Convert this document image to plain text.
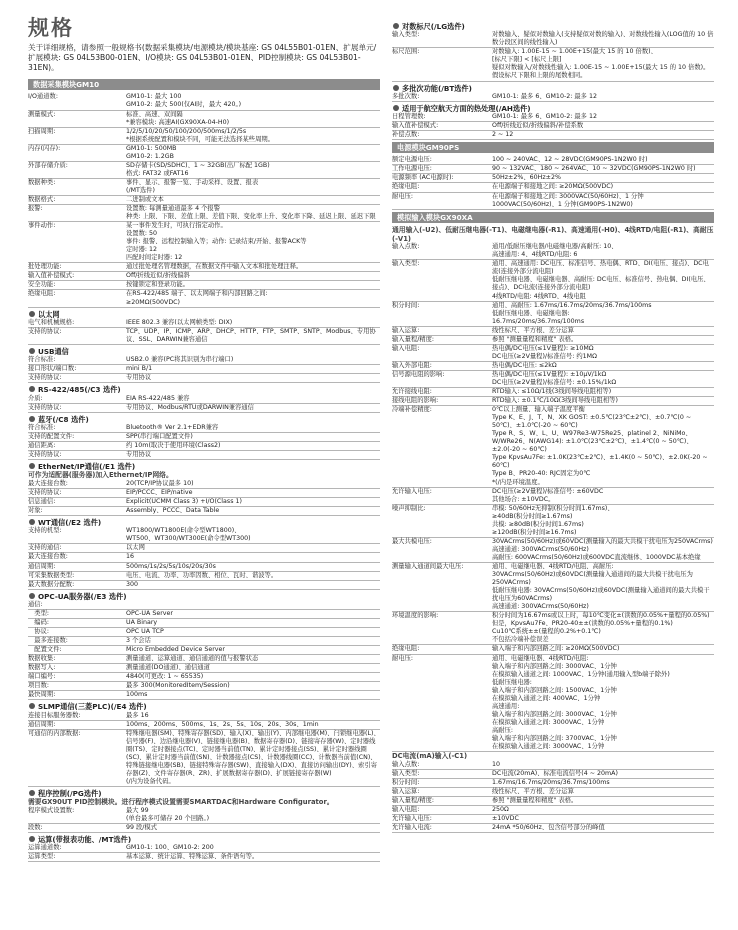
规格
关于详细规格，请参照一般规格书(数据采集模块/电源模块/模块基座: GS 04L55B01-01EN、扩展单元/扩展模块: GS 04L53B00-01EN、I/O模块: GS 04L53B01-01EN、PID控制模块: GS 04L53B01-31EN)。
数据采集模块GM10
I/O通道数:	GM10-1: 最大 100
GM10-2: 最大 500(仅AI时，最大 420。)
测量模式:	标准、高速、双间隔
*兼容模块: 高速AI(GX90XA-04-H0)
扫描周期:	1/2/5/10/20/50/100/200/500ms/1/2/5s
*根据系统配置和模块不同，可能无法选择某些周期。
内存(闪存):	GM10-1: 500MB
GM10-2: 1.2GB
外部存储介质:	SD存储卡(SD/SDHC)、1 ~ 32GB(出厂标配 1GB)
格式: FAT32 或FAT16
数据种类:	事件、显示、报警一览、手动采样、设置、报表
(/MT选件)
数据格式:	二进制或文本
报警:	设置数: 每测量通道最多 4 个报警
种类: 上限、下限、差值上限、差值下限、变化率上升、变化率下降、延迟上限、延迟下限
事件动作:	某一事件发生时，可执行指定动作。
设置数: 50
事件: 报警、远程控制输入等；动作: 记录结束/开始、报警ACK等
定时器: 12
匹配时间定时器: 12
批处理功能:	通过批处理名管理数据，在数据文件中输入文本和批处理注释。
输入值补偿模式:	Off/折线近似/折线偏斜
安全功能:	按键锁定和登录功能。
绝缘电阻:	在RS-422/485 端子、以太网端子和内部回路之间:
≥20MΩ(500VDC)
以太网
电气和机械规格:	IEEE 802.3 兼容(以太网帧类型: DIX)
支持的协议:	TCP、UDP、IP、ICMP、ARP、DHCP、HTTP、FTP、SMTP、SNTP、Modbus、专用协议、SSL、DARWIN兼容通信
USB通信
符合标准:	USB2.0 兼容(PC将其识别为串行端口)
接口形状/端口数:	mini B/1
支持的协议:	专用协议
RS-422/485(/C3 选件)
介质:	EIA RS-422/485 兼容
支持的协议:	专用协议、Modbus/RTU或DARWIN兼容通信
蓝牙(/C8 选件)
符合标准:	Bluetooth® Ver 2.1+EDR兼容
支持的配置文件:	SPP(串行端口配置文件)
通信距离:	约 10m(取决于使用环境(Class2)
支持的协议:	专用协议
EtherNet/IP通信(/E1 选件)
可作为适配器(服务器)加入Ethernet/IP网络。
最大连接台数:	20(TCP/IP协议最多 10)
支持的协议:	EIP/PCCC、EIP/native
信息通信:	Explicit(UCMM Class 3) +I/O(Class 1)
对象:	Assembly、PCCC、Data Table
WT通信(/E2 选件)
支持的机型:	WT1800/WT1800E(命令型WT1800)、
WT500、WT300/WT300E(命令型WT300)
支持的通信:	以太网
最大连接台数:	16
通信周期:	500ms/1s/2s/5s/10s/20s/30s
可采集数据类型:	电压、电流、功率、功率因数、相位、瓦时、谐波等。
最大数据分配数:	300
OPC-UA服务器(/E3 选件)
通信:
　类型:	OPC-UA Server
　编码:	UA Binary
　协议:	OPC UA TCP
　最多连接数:	3 个会话
　配置文件:	Micro Embedded Device Server
数据收集:	测量通道、运算通道、通信通道的值与报警状态
数据写入:	测量通道(DO通道)、通信通道
端口编号:	4840(可更改: 1 ~ 65535)
项目数:	最多 300(MonitoredItem/Session)
最快周期:	100ms
SLMP通信(三菱PLC)(/E4 选件)
连接目标服务器数:	最多 16
通信周期:	100ms、200ms、500ms、1s、2s、5s、10s、20s、30s、1min
可通信的内部数据:	特殊继电器(SM)、特殊寄存器(SD)、输入(X)、输出(Y)、内部继电器(M)、闩锁继电器(L)、信号器(F)、边沿继电器(V)、链接继电器(B)、数据寄存器(D)、链接寄存器(W)、定时器线圈(TS)、定时器接点(TC)、定时器当前值(TN)、累计定时器接点(SS)、累计定时器线圈(SC)、累计定时器当前值(SN)、计数器接点(CS)、计数器线圈(CC)、计数器当前值(CN)、特殊链接继电器(SB)、链接特殊寄存器(SW)、直接输入(DX)、直接访问输出(DY)、索引寄存器(Z)、文件寄存器(R、ZR)、扩展数据寄存器(D)、扩展链接寄存器(W)
(/内为设备代码。
程序控制(/PG选件)
需要GX90UT PID控制模块。进行程序模式设置需要SMARTDAC和Hardware Configurator。
程序模式设置数:	最大 99
(单台最多可储存 20 个回路。)
段数:	99 段/模式
运算(带报表功能、/MT选件)
运算通道数:	GM10-1: 100、GM10-2: 200
运算类型:	基本运算、统计运算、特殊运算、条件语句等。
对数标尺(/LG选件)
输入类型:	对数输入、疑似对数输入(支持疑似对数的输入)、对数线性输入(LOG值的 10 倍数分段区间的线性输入)
标尺范围:	对数输入: 1.00E-15 ~ 1.00E+15(最大 15 的 10 倍数)、
[标尺下限] < [标尺上限]
疑似对数输入/对数线性输入: 1.00E-15 ~ 1.00E+15(最大 15 的 10 倍数)。假设标尺下限和上限的尾数相同。
多批次功能(/BT选件)
多批次数:	GM10-1: 最多 6、GM10-2: 最多 12
适用于航空航天方面的热处理(/AH选件)
日程管理数:	GM10-1: 最多 6、GM10-2: 最多 12
输入值补偿模式:	Off/折线近似/折线偏斜/补偿系数
补偿点数:	2 ~ 12
电源模块GM90PS
额定电源电压:	100 ~ 240VAC、12 ~ 28VDC(GM90PS-1N2W0 时)
工作电源电压:	90 ~ 132VAC、180 ~ 264VAC、10 ~ 32VDC(GM90PS-1N2W0 时)
电源频率 (AC电源时):	50Hz±2%、60Hz±2%
绝缘电阻:	在电源端子和接地之间: ≥20MΩ(500VDC)
耐电压:	在电源端子和接地之间: 3000VAC(50/60Hz)、1 分钟
1000VAC(50/60Hz)、1 分钟(GM90PS-1N2W0)
模拟输入模块GX90XA
通用输入(-U2)、低耐压继电器(-T1)、电磁继电器(-R1)、高速通用(-H0)、4线RTD/电阻(-R1)、高耐压(-V1)
输入点数:	通用/低耐压继电器/电磁继电器/高耐压: 10、
高速通用: 4、4线RTD/电阻: 6
输入类型:	通用、高速通用: DC电压、标准信号、热电偶、RTD、DI(电压、接点)、DC电流(连接外部分流电阻)
低耐压继电器、电磁继电器、高耐压: DC电压、标准信号、热电偶、DI(电压、接点)、DC电流(连接外部分流电阻)
4线RTD/电阻: 4线RTD、4线电阻
积分时间:	通用、高耐压: 1.67ms/16.7ms/20ms/36.7ms/100ms
低耐压继电器、电磁继电器:
16.7ms/20ms/36.7ms/100ms
输入运算:	线性标尺、平方根、差分运算
输入量程/精度:	参照 "测量量程和精度" 表格。
输入电阻:	热电偶/DC电压(≤1V量程): ≥10MΩ
DC电压(≥2V量程)/标准信号: 约1MΩ
输入外部电阻:	热电偶/DC电压: ≤2kΩ
信号源电阻的影响:	热电偶/DC电压(≤1V量程): ±10μV/1kΩ
DC电压(≥2V量程)/标准信号: ±0.15%/1kΩ
允许接线电阻:	RTD输入: ≤10Ω/1线(3线间导线电阻相等)
接线电阻的影响:	RTD输入: ±0.1℃/10Ω(3线间导线电阻相等)
冷端补偿精度:	0℃以上测量、输入端子温度平衡
Type K、E、J、T、N、XK GOST: ±0.5℃(23℃±2℃)、±0.7℃(0 ~ 50℃)、±1.0℃(-20 ~ 60℃)
Type R、S、W、L、U、W97Re3-W75Re25、platinel 2、NiNiMo、W/WRe26、N(AWG14): ±1.0℃(23℃±2℃)、±1.4℃(0 ~ 50℃)、±2.0(-20 ~ 60℃)
Type KpvsAu7Fe: ±1.0K(23℃±2℃)、±1.4K(0 ~ 50℃)、±2.0K(-20 ~ 60℃)
Type B、PR20-40: RJC固定为0℃
*(/内是环境温度。
允许输入电压:	DC电压(≥2V量程)/标准信号: ±60VDC
其他场合: ±10VDC。
噪声抑制比:	串模: 50/60Hz无抑制(积分时间1.67ms)、
≥40dB(积分时间≥1.67ms)
共模: ≥80dB(积分时间1.67ms)
≥120dB(积分时间≥16.7ms)
最大共模电压:	30VACrms(50/60Hz)或60VDC(测量输入的最大共模干扰电压为250VACrms)
高速通道: 300VACrms(50/60Hz)
高耐压: 600VACrms(50/60Hz)或600VDC直流继体、1000VDC基本绝缘
测量输入通道间最大电压:	通用、电磁继电器、4线RTD/电阻、高耐压:
30VACrms(50/60Hz)或60VDC(测量输入通道间的最大共模干扰电压为250VACrms)
低耐压继电器: 30VACrms(50/60Hz)或60VDC(测量输入通道间的最大共模干扰电压为60VACrms)
高速通道: 300VACrms(50/60Hz)
环境温度的影响:	积分时间为16.67ms或以上时，每10℃变化±(读数的0.05%+量程的0.05%)
但是，KpvsAu7Fe、PR20-40±±(读数的0.05%+量程的0.1%)
Cu10℃系统±±(量程的0.2%+0.1℃)
不包括冷端补偿误差
绝缘电阻:	输入端子和内部回路之间: ≥20MΩ(500VDC)
耐电压:	通用、电磁继电器、4线RTD/电阻:
输入端子和内部回路之间: 3000VAC、1分钟
在模拟输入通道之间: 1000VAC、1分钟(通用输入型b端子除外)
低耐压继电器:
输入端子和内部回路之间: 1500VAC、1分钟
在模拟输入通道之间: 400VAC、1分钟
高速通用:
输入端子和内部回路之间: 3000VAC、1分钟
在模拟输入通道之间: 3000VAC、1分钟
高耐压:
输入端子和内部回路之间: 3700VAC、1分钟
在模拟输入通道之间: 3000VAC、1分钟
DC电流(mA)输入(-C1)
输入点数:	10
输入类型:	DC电流(20mA)、标准电流信号(4 ~ 20mA)
积分时间:	1.67ms/16.7ms/20ms/36.7ms/100ms
输入运算:	线性标尺、平方根、差分运算
输入量程/精度:	参照 "测量量程和精度" 表格。
输入电阻:	250Ω
允许输入电压:	±10VDC
允许输入电流:	24mA *50/60Hz、包含信号部分的峰值
